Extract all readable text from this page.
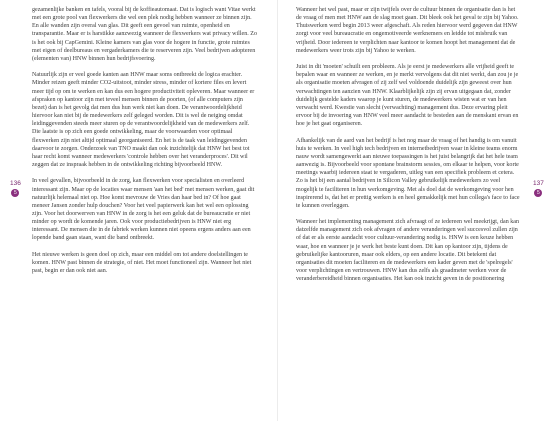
136
5

gezamenlijke banken en tafels, vooral bij de koffieautomaat. Dat is logisch want Vitae werkt met een grote pool van flexwerkers die wel een plek nodig hebben wanneer ze binnen zijn. En alle wanden zijn overal van glas. Dit geeft een gevoel van ruimte, openheid en transparantie. Maar er is harstikke aanzwezig wanneer de flexwerkers wat privacy willen. Zo is het ook bij CapGemini. Kleine kamers van glas voor de hogere in functie, grote ruimtes met eigen of deelbureaus en vergaderkamers die te reserveren zijn. Veel bedrijven adopteren (elementen van) HNW binnen hun bedrijfsvoering.

Natuurlijk zijn er veel goede kanten aan HNW maar soms ontbreekt de logica erachter. Minder reizen geeft minder CO2-uitstoot, minder stress, minder of kortere files en levert meer tijd op om te werken en kan dus een hogere productiviteit opleveren. Maar wanneer er afspraken op kantoor zijn met teveel mensen binnen de poorten, (of alle computers zijn bezet) dan is het gevolg dat men dus hun werk niet kan doen. De verantwoordelijkheid hiervoor kan niet bij de medewerkers zelf geleged worden. Dit is wel de neiging omdat leidinggevenden steeds meer sturen op de verantwoordelijkheid van de medewerkers zelf. Die laatste is op zich een goede ontwikkeling, maar de voorwaarden voor optimaal flexwerken zijn niet altijd optimaal georganiseerd. En het is de taak van leidinggevenden daarvoor te zorgen. Onderzoek van TNO maakt dan ook inzichtelijk dat HNW het best tot haar recht komt wanneer medewerkers 'controle hebben over het veranderproces'. Dit wil zeggen dat ze inspraak hebben in de ontwikkeling richting bijvoorbeeld HNW.

In veel gevallen, bijvoorbeeld in de zorg, kan flexwerken voor specialisten en overleerd interessant zijn. Maar op de locaties waar mensen 'aan het bed' met mensen werken, gaat dit natuurlijk helemaal niet op. Hoe komt mevrouw de Vries dan haar bed in? Of hoe gaat meneer Jansen zonder hulp douchen? Voor het veel papierwerk kan het wel een oplossing zijn. Voor het doorwerven van HNW in de zorg is het een geluk dat de bureaucratie er niet minder op wordt de komende jaren. Ook voor productiebedrijven is HNW niet erg interessant. De mensen die in de fabriek werken kunnen niet opeens ergens anders aan een lopende band gaan staan, want die band ontbreekt.

Het nieuwe werken is geen doel op zich, maar een middel om tot andere doelstellingen te komen. HNW past binnen de strategie, of niet. Het moet functioneel zijn. Wanneer het niet past, begin er dan ook niet aan.

Wanneer het wel past, maar er zijn twijfels over de cultuur binnen de organisatie dan is het de vraag of men met HNW aan de slag moet gaan. Dit bleek ook het geval te zijn bij Yahoo. Thuiswerken werd begin 2013 weer afgeschaft. Als reden hiervoor werd gegeven dat HNW zorgt voor veel bureaucratie en ongemotiveerde werknemers en leidde tot misbruik van vrijheid. Door iedereen te verplichten naar kantoor te komen hoopt het management dat de medewerkers weer trots zijn bij Yahoo te werken.

Juist in dit 'moeten' schuilt een probleem. Als je eerst je medewerkers alle vrijheid geeft te bepalen waar en wanneer ze werken, en je merkt vervolgens dat dit niet werkt, dan zou je je als organisatie moeten afvragen of zij zelf wel voldoende duidelijk zijn geweest over hun verwachtingen ten aanzien van HNW. Klaarblijkelijk zijn zij ervan uitgegaan dat, zonder duidelijk gestelde kaders waarop je kunt sturen, de medewerkers wisten wat er van hen verwacht werd. Kwestie van slecht (verwachting) management dus. Deze ervaring pleit ervoor bij de invoering van HNW veel meer aandacht te besteden aan de menskant ervan en hoe je het gaat organiseren.

Afhankelijk van de aard van het bedrijf is het nog maar de vraag of het handig is om vanuit huis te werken. In veel high tech bedrijven en internetbedrijven waar in kleine teams enorm nauw wordt samengewerkt aan nieuwe toepassingen is het juist belangrijk dat het hele team aanwezig is. Bijvoorbeeld voor spontane brainstorm sessies, om elkaar te helpen, voor korte meetings waarbij iedereen staat te vergaderen, uitleg van een specifiek probleem et cetera. Zo is het bij een aantal bedrijven in Silicon Valley gebruikelijk medewerkers zo veel mogelijk te faciliteren in hun werkomgeving. Met als doel dat de werkomgeving voor hen inspirerend is, dat het er prettig werken is en heel gemakkelijk met hun collega's face to face te kunnen overleggen.

Wanneer het implementing management zich afvraagt of ze iedereen wel meekrijgt, dan kan datzelfde management zich ook afvragen of andere veranderingen wel succesvol zullen zijn of dat er als eerste aandacht voor cultuur-verandering nodig is. HNW is een keuze hebben waar, hoe en wanneer je je werk het beste kunt doen. Dit kan op kantoor zijn, tijdens de gebruikelijke kantooruren, maar ook elders, op een andere locatie. Dit betekent dat organisaties dit moeten faciliteren en de medewerkers een kader geven met de 'spelregels' voor verplichtingen en vertrouwen. HNW kan dus zelfs als graadmeter werken voor de veranderbereidheid binnen organisaties. Het kan ook inzicht geven in de positionering

137
5
